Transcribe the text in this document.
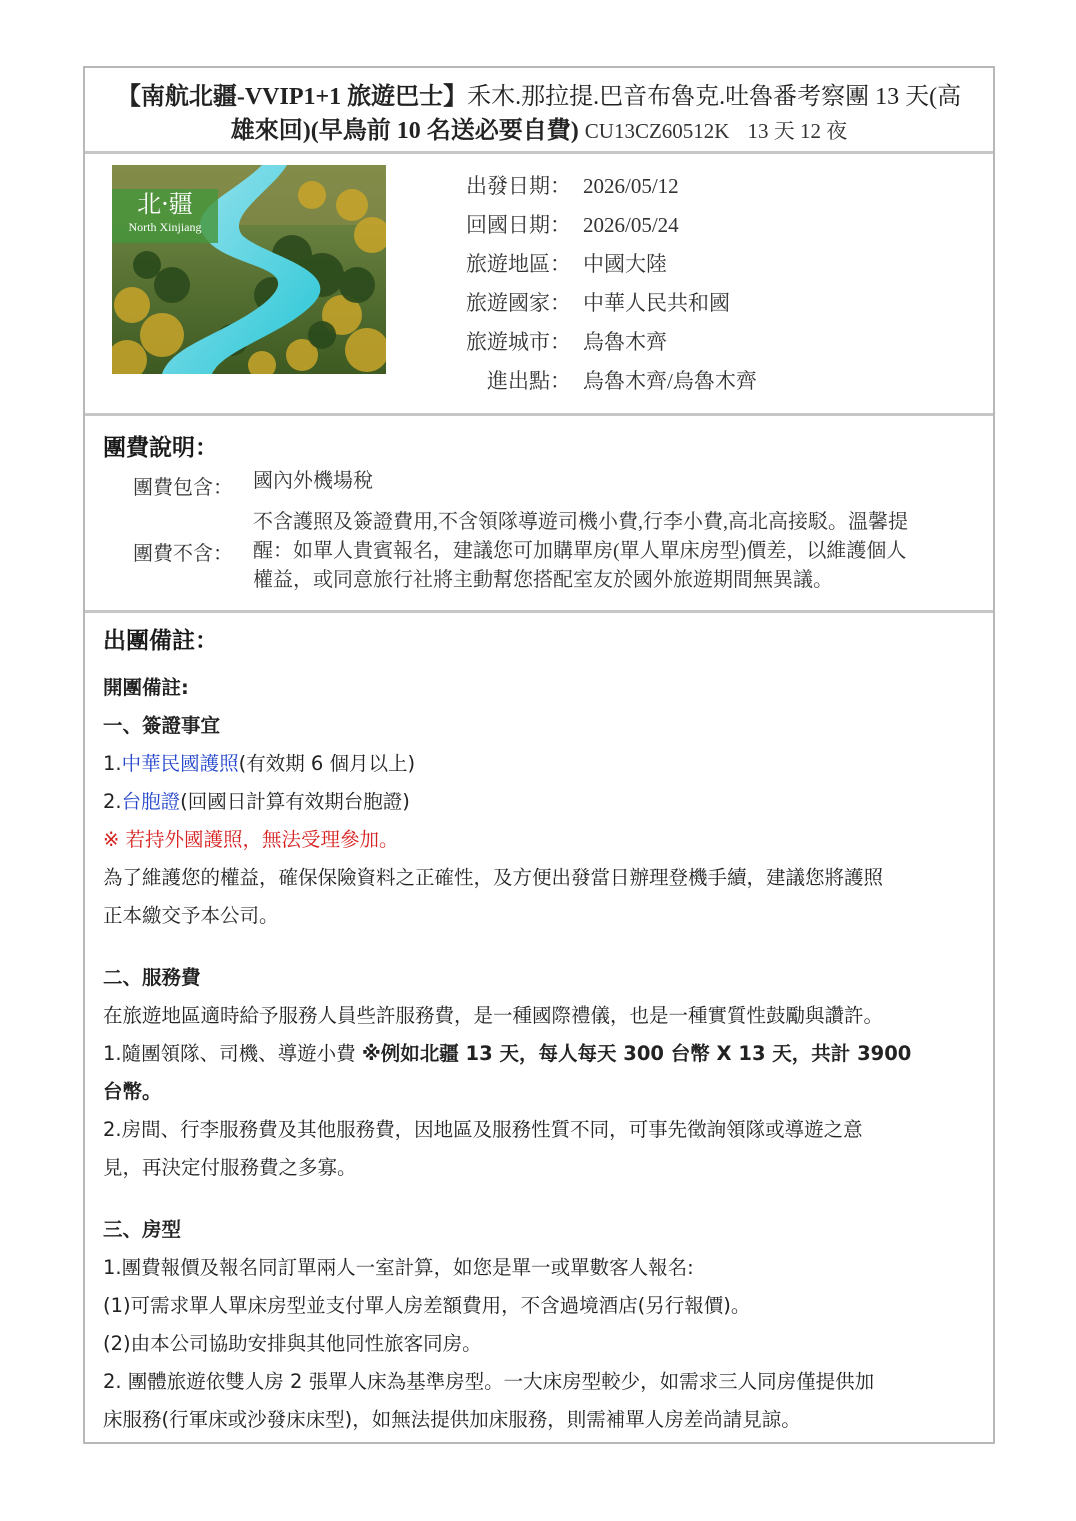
【南航北疆-VVIP1+1 旅遊巴士】禾木.那拉提.巴音布魯克.吐魯番考察團 13 天(高
雄來回)(早鳥前 10 名送必要自費) CU13CZ60512K 13 天 12 夜
北·疆
North Xinjiang
出發日期： 2026/05/12
回國日期： 2026/05/24
旅遊地區： 中國大陸
旅遊國家： 中華人民共和國
旅遊城市： 烏魯木齊
進出點： 烏魯木齊/烏魯木齊
團費說明：
團費包含：	國內外機場稅
團費不含：
不含護照及簽證費用,不含領隊導遊司機小費,行李小費,高北高接駁。溫馨提
醒：如單人貴賓報名，建議您可加購單房(單人單床房型)價差，以維護個人
權益，或同意旅行社將主動幫您搭配室友於國外旅遊期間無異議。
出團備註：
開團備註:
一、簽證事宜
1.中華民國護照(有效期 6 個月以上)
2.台胞證(回國日計算有效期台胞證)
※ 若持外國護照，無法受理參加。
為了維護您的權益，確保保險資料之正確性，及方便出發當日辦理登機手續，建議您將護照
正本繳交予本公司。
二、服務費
在旅遊地區適時給予服務人員些許服務費，是一種國際禮儀，也是一種實質性鼓勵與讚許。
1.隨團領隊、司機、導遊小費 ※例如北疆 13 天，每人每天 300 台幣 X 13 天，共計 3900
台幣。
2.房間、行李服務費及其他服務費，因地區及服務性質不同，可事先徵詢領隊或導遊之意
見，再決定付服務費之多寡。
三、房型
1.團費報價及報名同訂單兩人一室計算，如您是單一或單數客人報名:
(1)可需求單人單床房型並支付單人房差額費用，不含過境酒店(另行報價)。
(2)由本公司協助安排與其他同性旅客同房。
2. 團體旅遊依雙人房 2 張單人床為基準房型。一大床房型較少，如需求三人同房僅提供加
床服務(行軍床或沙發床床型)，如無法提供加床服務，則需補單人房差尚請見諒。
